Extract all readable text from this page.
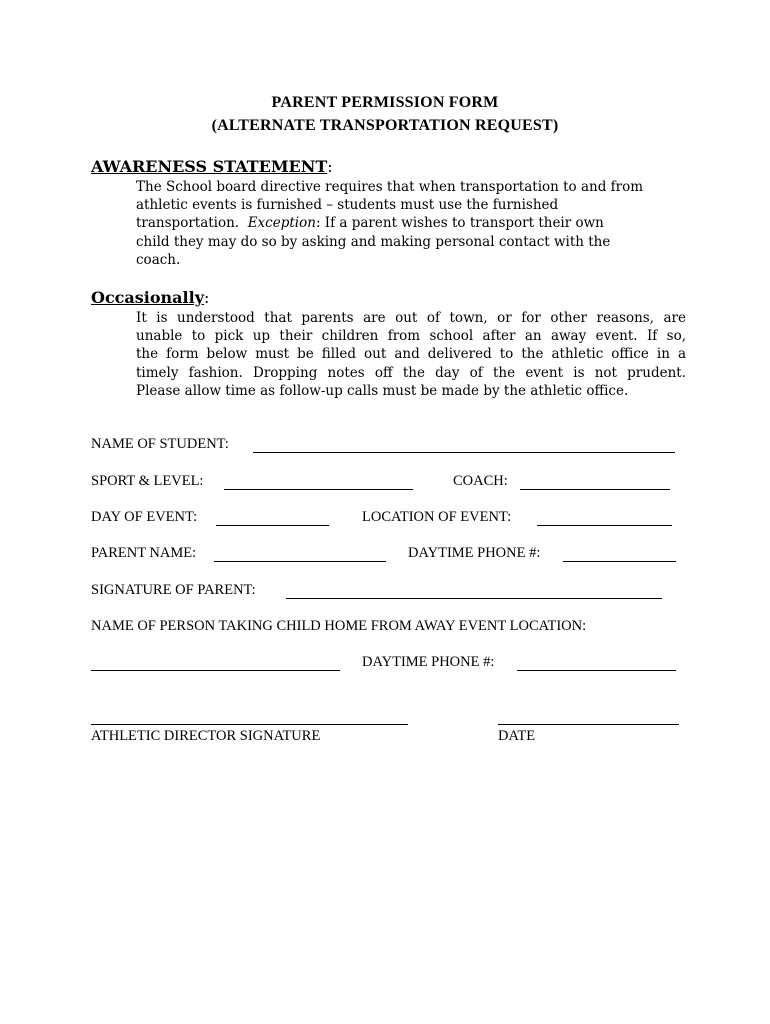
PARENT PERMISSION FORM
(ALTERNATE TRANSPORTATION REQUEST)
AWARENESS STATEMENT:
The School board directive requires that when transportation to and from
athletic events is furnished – students must use the furnished
transportation. Exception: If a parent wishes to transport their own
child they may do so by asking and making personal contact with the
coach.
Occasionally:
It is understood that parents are out of town, or for other reasons, are
unable to pick up their children from school after an away event. If so,
the form below must be filled out and delivered to the athletic office in a
timely fashion. Dropping notes off the day of the event is not prudent.
Please allow time as follow-up calls must be made by the athletic office.
NAME OF STUDENT:
SPORT & LEVEL:	COACH:
DAY OF EVENT:	LOCATION OF EVENT:
PARENT NAME:	DAYTIME PHONE #:
SIGNATURE OF PARENT:
NAME OF PERSON TAKING CHILD HOME FROM AWAY EVENT LOCATION:
DAYTIME PHONE #:
ATHLETIC DIRECTOR SIGNATURE	DATE
